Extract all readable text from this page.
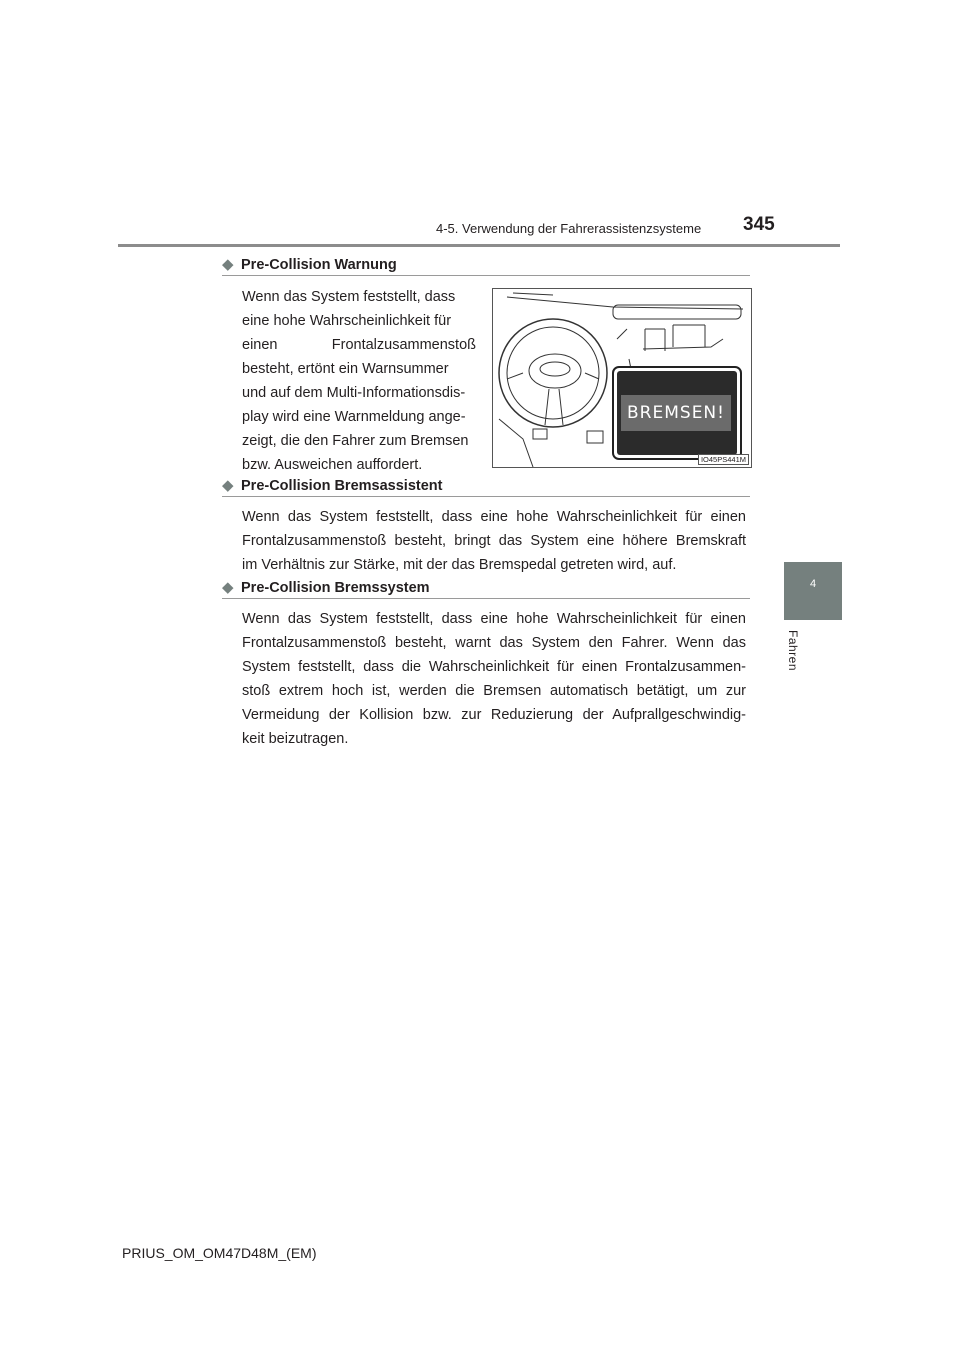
4-5. Verwendung der Fahrerassistenzsysteme 345
4
Fahren
◆ Pre-Collision Warnung
Wenn das System feststellt, dass
eine hohe Wahrscheinlichkeit für
einen Frontalzusammenstoß
besteht, ertönt ein Warnsummer
und auf dem Multi-Informationsdis-
play wird eine Warnmeldung ange-
zeigt, die den Fahrer zum Bremsen
bzw. Ausweichen auffordert.
BREMSEN!
IO45PS441M
◆ Pre-Collision Bremsassistent
Wenn das System feststellt, dass eine hohe Wahrscheinlichkeit für einen
Frontalzusammenstoß besteht, bringt das System eine höhere Bremskraft
im Verhältnis zur Stärke, mit der das Bremspedal getreten wird, auf.
◆ Pre-Collision Bremssystem
Wenn das System feststellt, dass eine hohe Wahrscheinlichkeit für einen
Frontalzusammenstoß besteht, warnt das System den Fahrer. Wenn das
System feststellt, dass die Wahrscheinlichkeit für einen Frontalzusammen-
stoß extrem hoch ist, werden die Bremsen automatisch betätigt, um zur
Vermeidung der Kollision bzw. zur Reduzierung der Aufprallgeschwindig-
keit beizutragen.
PRIUS_OM_OM47D48M_(EM)
